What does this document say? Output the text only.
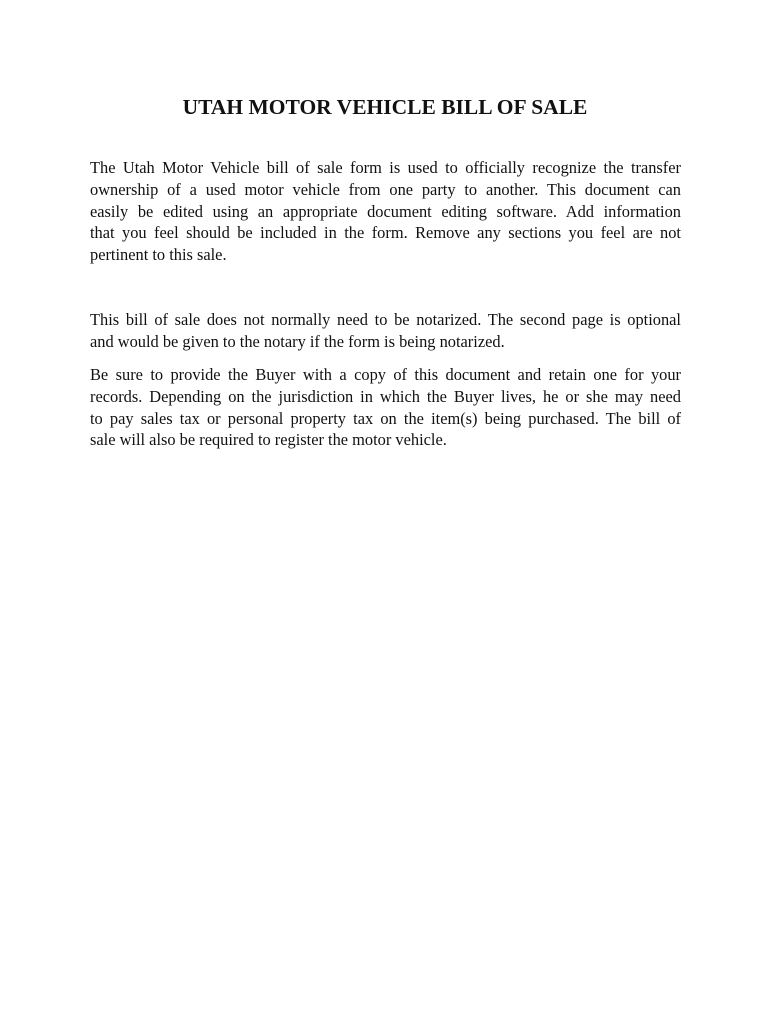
UTAH MOTOR VEHICLE BILL OF SALE

The Utah Motor Vehicle bill of sale form is used to officially recognize the transfer
ownership of a used motor vehicle from one party to another. This document can
easily be edited using an appropriate document editing software. Add information
that you feel should be included in the form. Remove any sections you feel are not
pertinent to this sale.

This bill of sale does not normally need to be notarized. The second page is optional
and would be given to the notary if the form is being notarized.

Be sure to provide the Buyer with a copy of this document and retain one for your
records. Depending on the jurisdiction in which the Buyer lives, he or she may need
to pay sales tax or personal property tax on the item(s) being purchased. The bill of
sale will also be required to register the motor vehicle.
